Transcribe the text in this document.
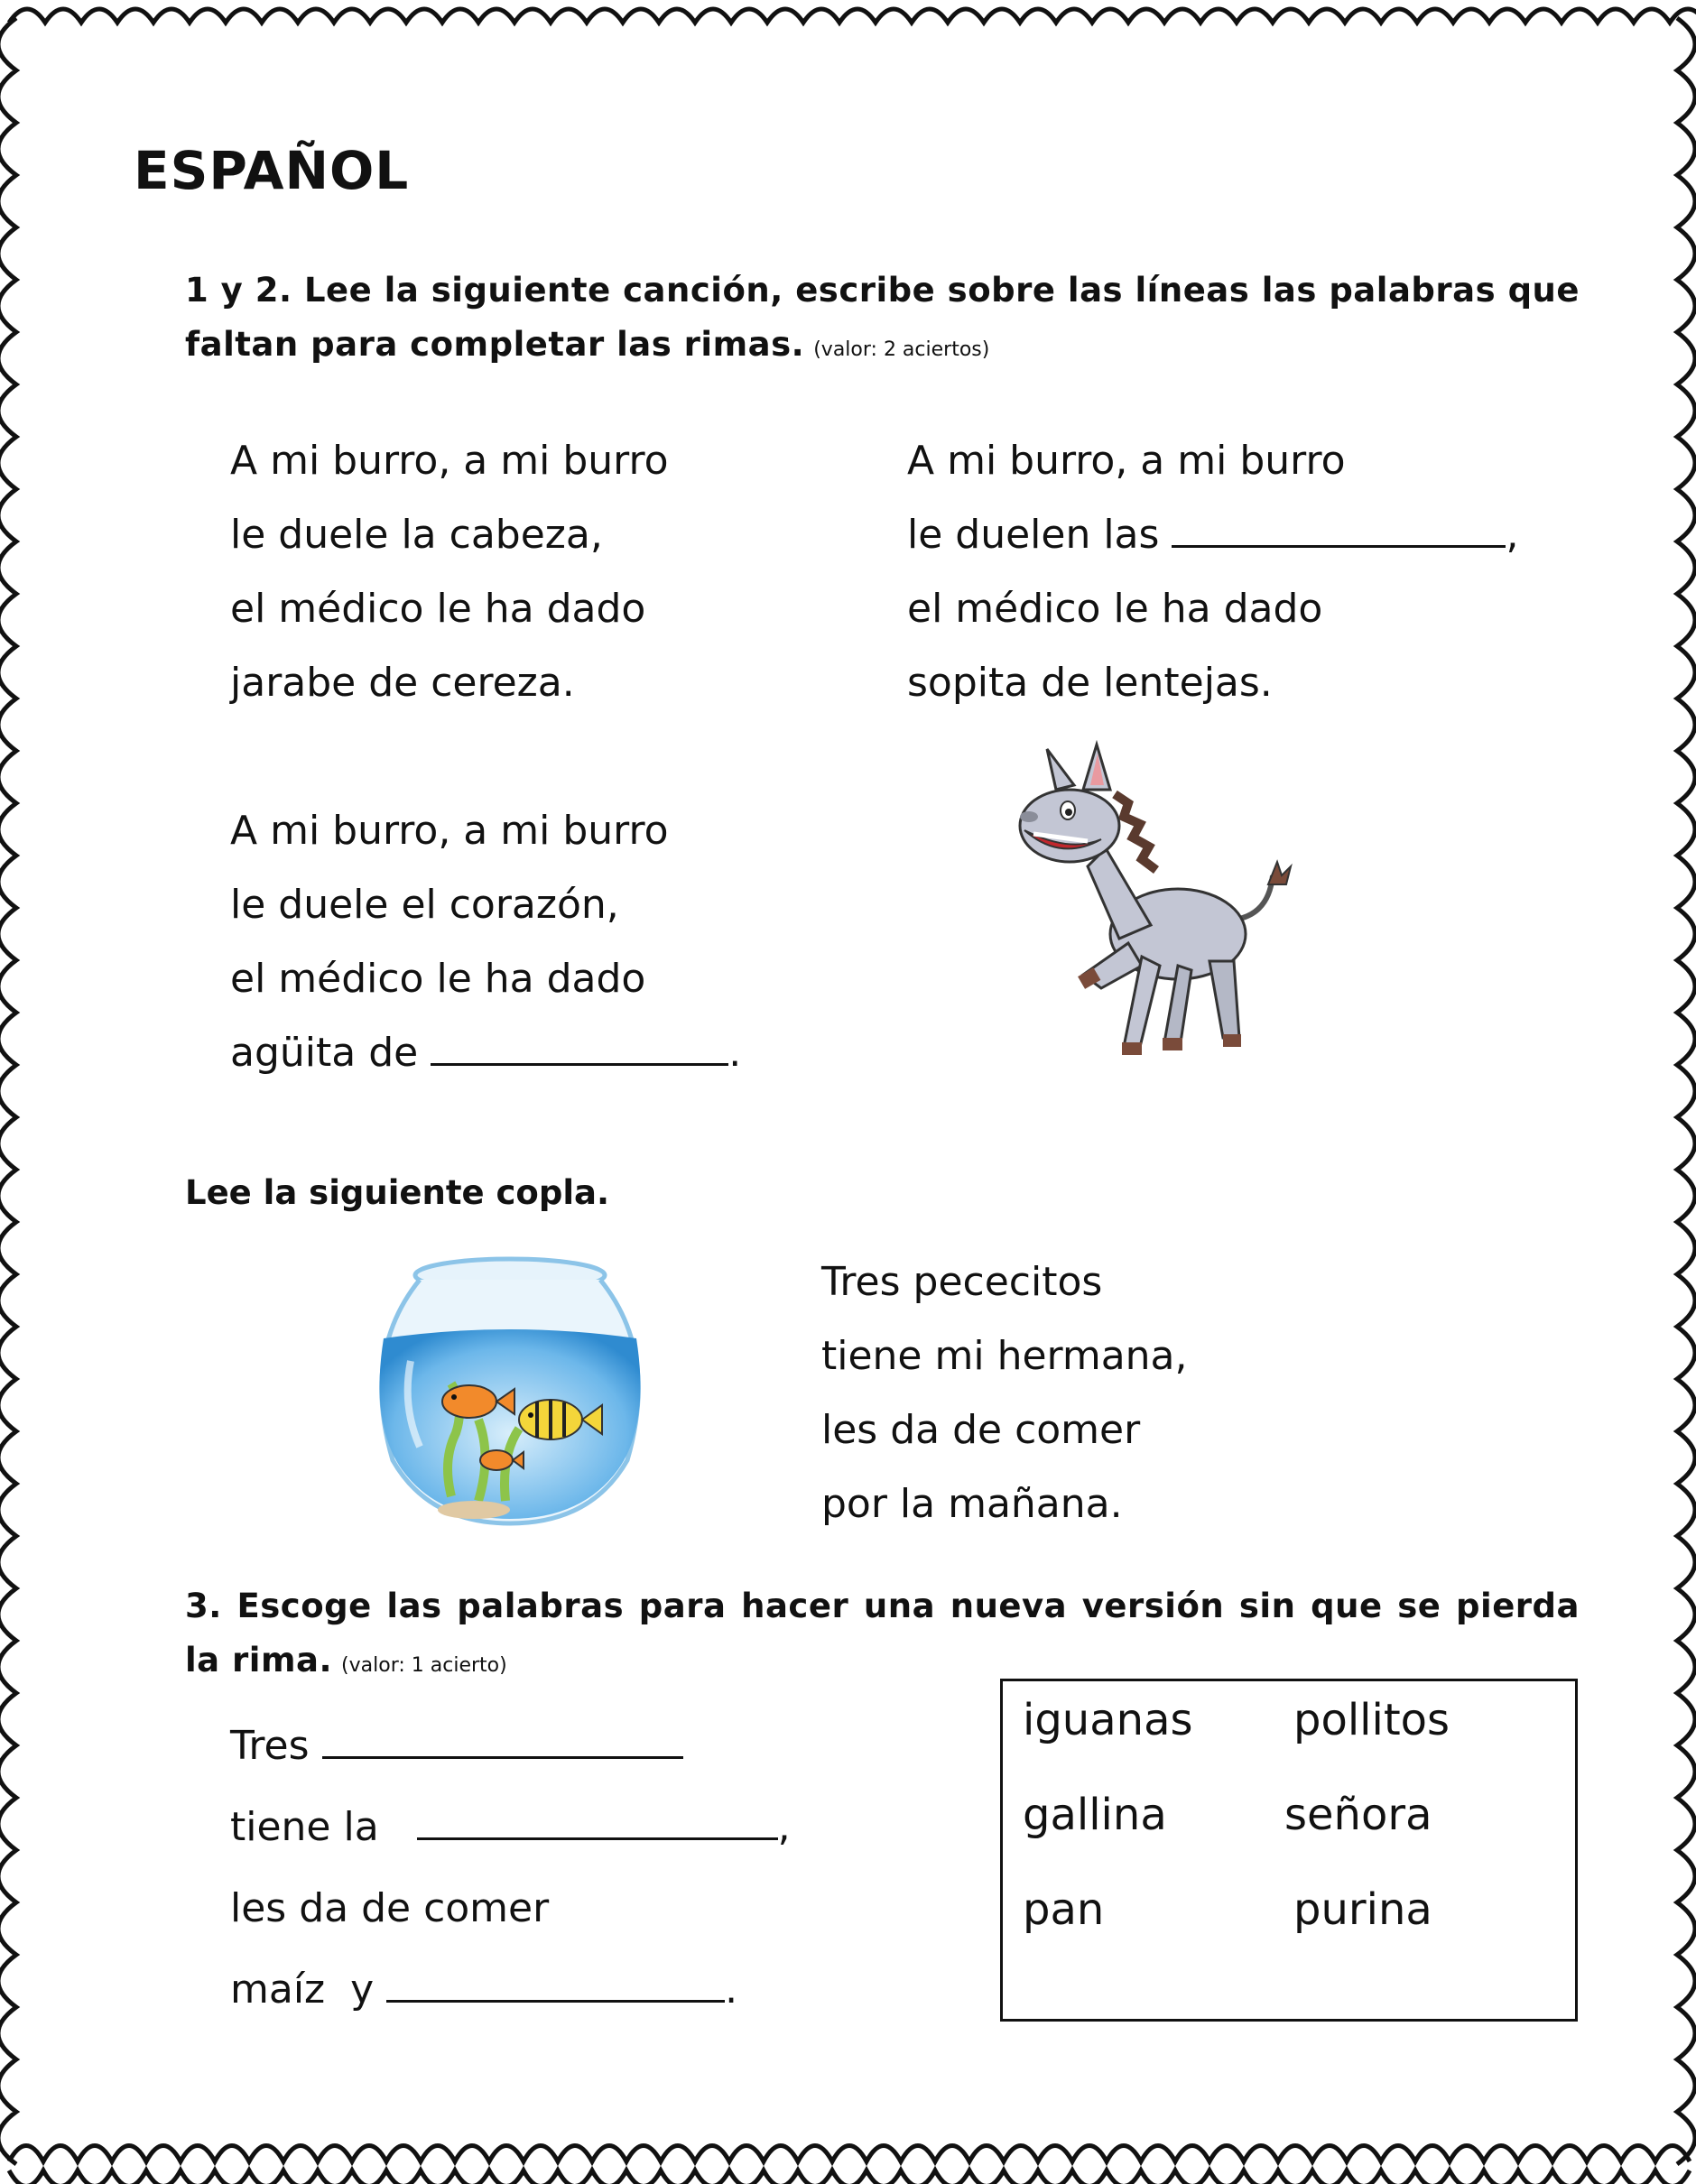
ESPAÑOL
1 y 2. Lee la siguiente canción, escribe sobre las líneas las palabras que faltan para completar las rimas. (valor: 2 aciertos)
A mi burro, a mi burro
le duele la cabeza,
el médico le ha dado
jarabe de cereza.
A mi burro, a mi burro
le duelen las	,
el médico le ha dado
sopita de lentejas.
A mi burro, a mi burro
le duele el corazón,
el médico le ha dado
agüita de	.
Lee la siguiente copla.
Tres pececitos
tiene mi hermana,
les da de comer
por la mañana.
3. Escoge las palabras para hacer una nueva versión sin que se pierda la rima. (valor: 1 acierto)
Tres
tiene la	,
les da de comer
maíz  y	.
iguanas pollitos
gallina	señora
pan	purina
